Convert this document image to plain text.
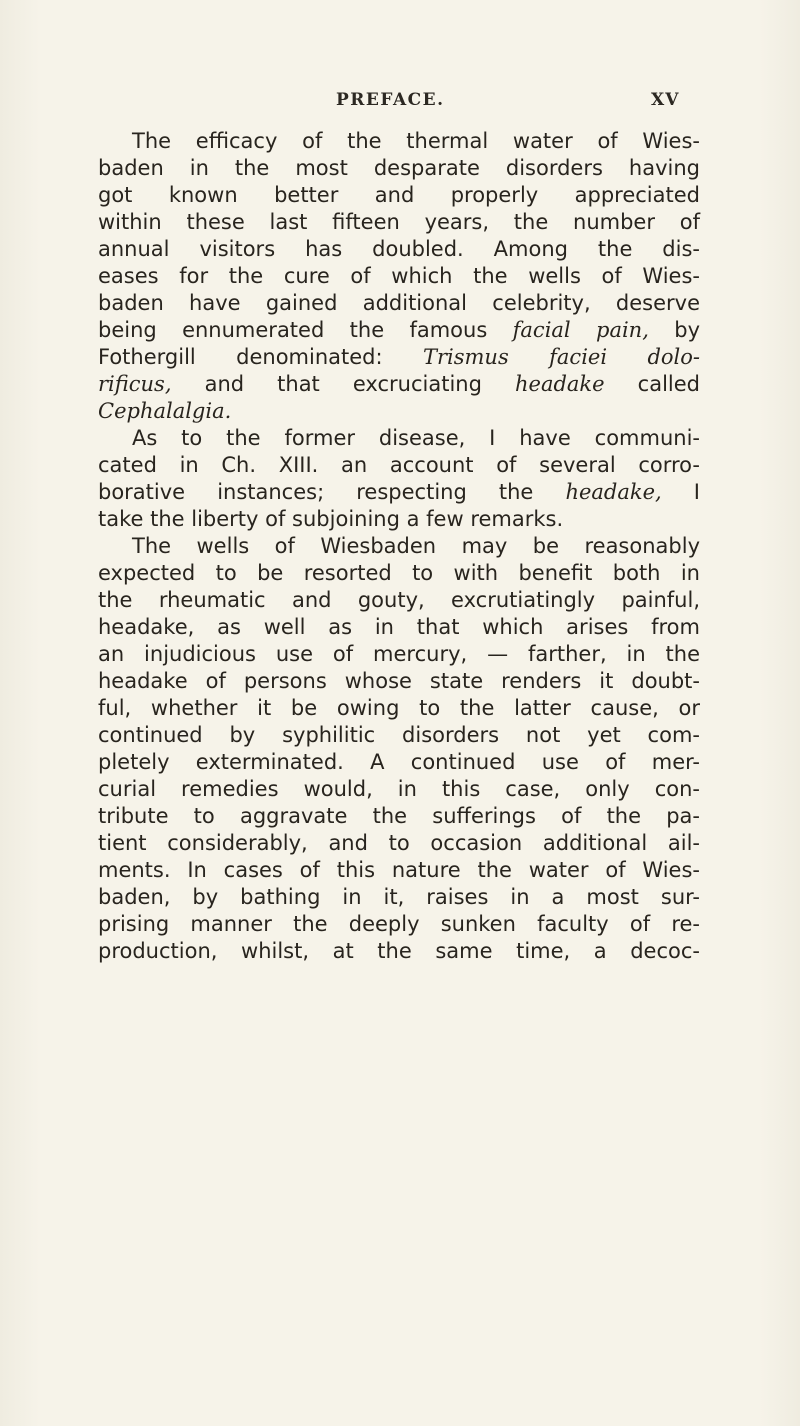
PREFACE.	XV
The efficacy of the thermal water of Wies-
baden in the most desparate disorders having
got known better and properly appreciated
within these last fifteen years, the number of
annual visitors has doubled. Among the dis-
eases for the cure of which the wells of Wies-
baden have gained additional celebrity, deserve
being ennumerated the famous facial pain, by
Fothergill denominated: Trismus faciei dolo-
rificus, and that excruciating headake called
Cephalalgia.
As to the former disease, I have communi-
cated in Ch. XIII. an account of several corro-
borative instances; respecting the headake, I
take the liberty of subjoining a few remarks.
The wells of Wiesbaden may be reasonably
expected to be resorted to with benefit both in
the rheumatic and gouty, excrutiatingly painful,
headake, as well as in that which arises from
an injudicious use of mercury, — farther, in the
headake of persons whose state renders it doubt-
ful, whether it be owing to the latter cause, or
continued by syphilitic disorders not yet com-
pletely exterminated. A continued use of mer-
curial remedies would, in this case, only con-
tribute to aggravate the sufferings of the pa-
tient considerably, and to occasion additional ail-
ments. In cases of this nature the water of Wies-
baden, by bathing in it, raises in a most sur-
prising manner the deeply sunken faculty of re-
production, whilst, at the same time, a decoc-
